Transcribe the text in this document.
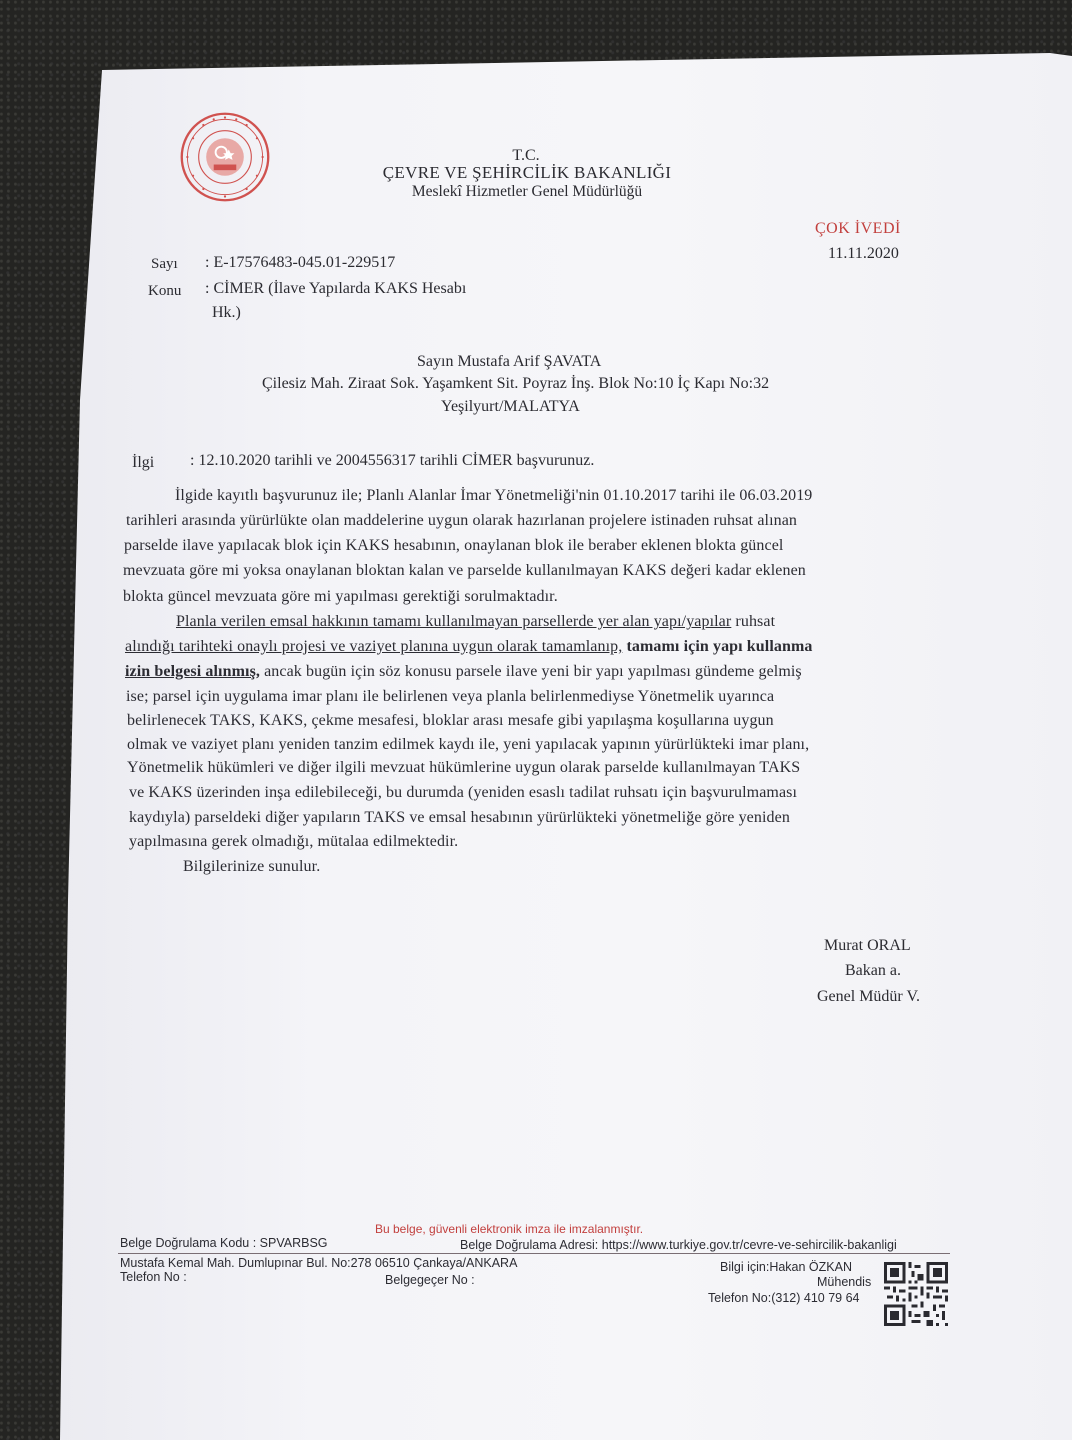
T.C.
ÇEVRE VE ŞEHİRCİLİK BAKANLIĞI
Meslekî Hizmetler Genel Müdürlüğü
ÇOK İVEDİ
11.11.2020
Sayı : E-17576483-045.01-229517
Konu : CİMER (İlave Yapılarda KAKS Hesabı
Hk.)
Sayın Mustafa Arif ŞAVATA
Çilesiz Mah. Ziraat Sok. Yaşamkent Sit. Poyraz İnş. Blok No:10 İç Kapı No:32
Yeşilyurt/MALATYA
İlgi : 12.10.2020 tarihli ve 2004556317 tarihli CİMER başvurunuz.
İlgide kayıtlı başvurunuz ile; Planlı Alanlar İmar Yönetmeliği'nin 01.10.2017 tarihi ile 06.03.2019
tarihleri arasında yürürlükte olan maddelerine uygun olarak hazırlanan projelere istinaden ruhsat alınan
parselde ilave yapılacak blok için KAKS hesabının, onaylanan blok ile beraber eklenen blokta güncel
mevzuata göre mi yoksa onaylanan bloktan kalan ve parselde kullanılmayan KAKS değeri kadar eklenen
blokta güncel mevzuata göre mi yapılması gerektiği sorulmaktadır.
Planla verilen emsal hakkının tamamı kullanılmayan parsellerde yer alan yapı/yapılar ruhsat
alındığı tarihteki onaylı projesi ve vaziyet planına uygun olarak tamamlanıp, tamamı için yapı kullanma
izin belgesi alınmış, ancak bugün için söz konusu parsele ilave yeni bir yapı yapılması gündeme gelmiş
ise; parsel için uygulama imar planı ile belirlenen veya planla belirlenmediyse Yönetmelik uyarınca
belirlenecek TAKS, KAKS, çekme mesafesi, bloklar arası mesafe gibi yapılaşma koşullarına uygun
olmak ve vaziyet planı yeniden tanzim edilmek kaydı ile, yeni yapılacak yapının yürürlükteki imar planı,
Yönetmelik hükümleri ve diğer ilgili mevzuat hükümlerine uygun olarak parselde kullanılmayan TAKS
ve KAKS üzerinden inşa edilebileceği, bu durumda (yeniden esaslı tadilat ruhsatı için başvurulmaması
kaydıyla) parseldeki diğer yapıların TAKS ve emsal hesabının yürürlükteki yönetmeliğe göre yeniden
yapılmasına gerek olmadığı, mütalaa edilmektedir.
Bilgilerinize sunulur.
Murat ORAL
Bakan a.
Genel Müdür V.
Bu belge, güvenli elektronik imza ile imzalanmıştır.
Belge Doğrulama Kodu : SPVARBSG	Belge Doğrulama Adresi: https://www.turkiye.gov.tr/cevre-ve-sehircilik-bakanligi
Mustafa Kemal Mah. Dumlupınar Bul. No:278 06510 Çankaya/ANKARA
Telefon No :	Belgegeçer No :
Bilgi için:Hakan ÖZKAN
Mühendis
Telefon No:(312) 410 79 64
